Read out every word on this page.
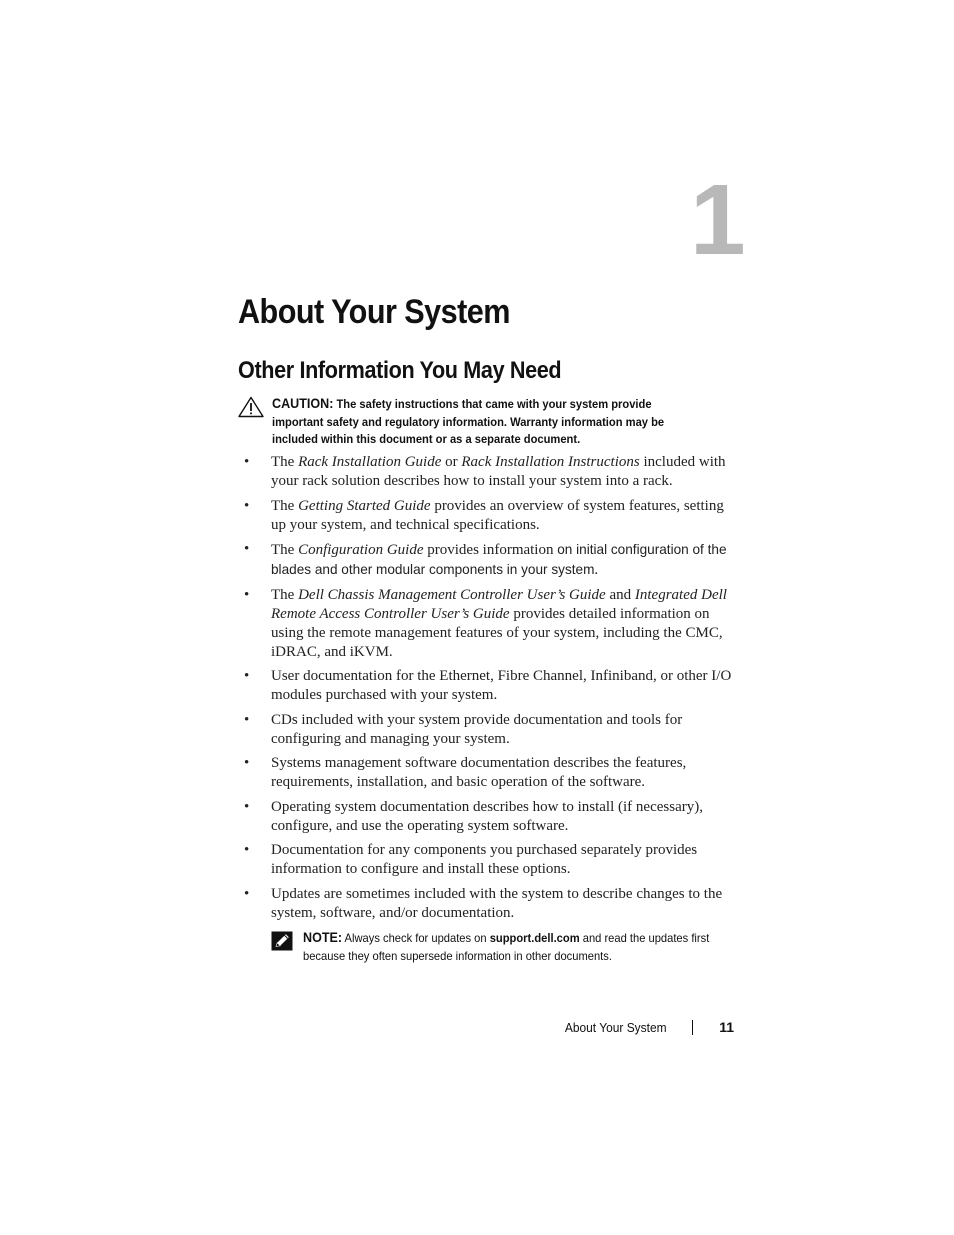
1
About Your System
Other Information You May Need
CAUTION: The safety instructions that came with your system provide important safety and regulatory information. Warranty information may be included within this document or as a separate document.
• The Rack Installation Guide or Rack Installation Instructions included with your rack solution describes how to install your system into a rack.
• The Getting Started Guide provides an overview of system features, setting up your system, and technical specifications.
• The Configuration Guide provides information on initial configuration of the blades and other modular components in your system.
• The Dell Chassis Management Controller User’s Guide and Integrated Dell Remote Access Controller User’s Guide provides detailed information on using the remote management features of your system, including the CMC, iDRAC, and iKVM.
• User documentation for the Ethernet, Fibre Channel, Infiniband, or other I/O modules purchased with your system.
• CDs included with your system provide documentation and tools for configuring and managing your system.
• Systems management software documentation describes the features, requirements, installation, and basic operation of the software.
• Operating system documentation describes how to install (if necessary), configure, and use the operating system software.
• Documentation for any components you purchased separately provides information to configure and install these options.
• Updates are sometimes included with the system to describe changes to the system, software, and/or documentation.
NOTE: Always check for updates on support.dell.com and read the updates first because they often supersede information in other documents.
About Your System	11
